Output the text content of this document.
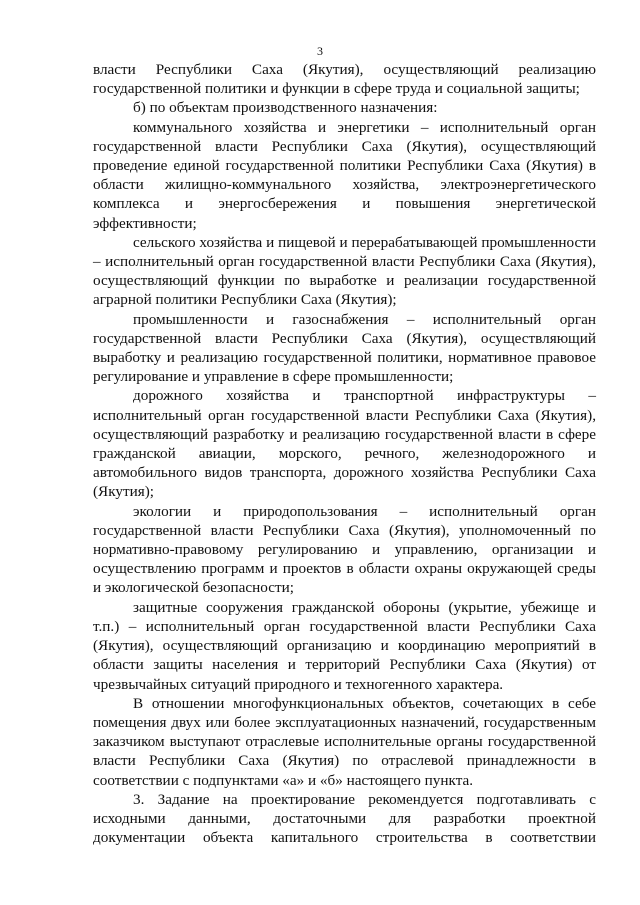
3

власти Республики Саха (Якутия), осуществляющий реализацию государственной политики и функции в сфере труда и социальной защиты;

б) по объектам производственного назначения:

коммунального хозяйства и энергетики – исполнительный орган государственной власти Республики Саха (Якутия), осуществляющий проведение единой государственной политики Республики Саха (Якутия) в области жилищно-коммунального хозяйства, электроэнергетического комплекса и энергосбережения и повышения энергетической эффективности;

сельского хозяйства и пищевой и перерабатывающей промышленности – исполнительный орган государственной власти Республики Саха (Якутия), осуществляющий функции по выработке и реализации государственной аграрной политики Республики Саха (Якутия);

промышленности и газоснабжения – исполнительный орган государственной власти Республики Саха (Якутия), осуществляющий выработку и реализацию государственной политики, нормативное правовое регулирование и управление в сфере промышленности;

дорожного хозяйства и транспортной инфраструктуры – исполнительный орган государственной власти Республики Саха (Якутия), осуществляющий разработку и реализацию государственной власти в сфере гражданской авиации, морского, речного, железнодорожного и автомобильного видов транспорта, дорожного хозяйства Республики Саха (Якутия);

экологии и природопользования – исполнительный орган государственной власти Республики Саха (Якутия), уполномоченный по нормативно-правовому регулированию и управлению, организации и осуществлению программ и проектов в области охраны окружающей среды и экологической безопасности;

защитные сооружения гражданской обороны (укрытие, убежище и т.п.) – исполнительный орган государственной власти Республики Саха (Якутия), осуществляющий организацию и координацию мероприятий в области защиты населения и территорий Республики Саха (Якутия) от чрезвычайных ситуаций природного и техногенного характера.

В отношении многофункциональных объектов, сочетающих в себе помещения двух или более эксплуатационных назначений, государственным заказчиком выступают отраслевые исполнительные органы государственной власти Республики Саха (Якутия) по отраслевой принадлежности в соответствии с подпунктами «а» и «б» настоящего пункта.

3. Задание на проектирование рекомендуется подготавливать с исходными данными, достаточными для разработки проектной документации объекта капитального строительства в соответствии
